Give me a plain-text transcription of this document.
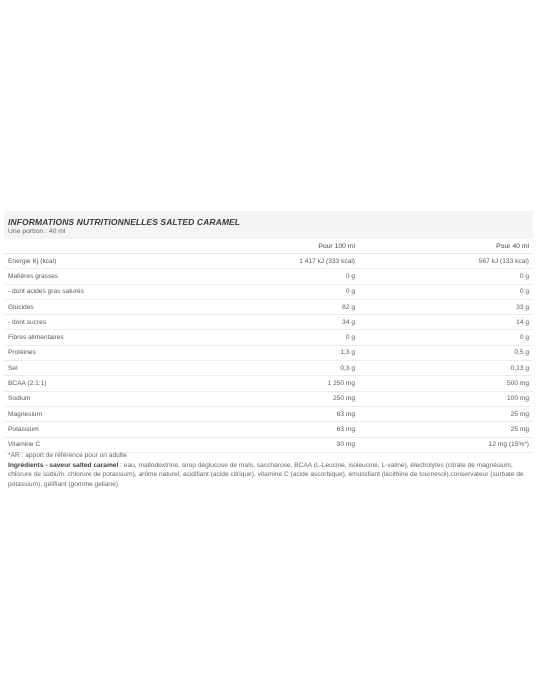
INFORMATIONS NUTRITIONNELLES SALTED CARAMEL
Une portion : 40 ml
	Pour 100 ml	Pour 40 ml
Energie Kj (kcal)	1 417 kJ (333 kcal)	567 kJ (133 kcal)
Matières grasses	0 g	0 g
- dont acides gras saturés	0 g	0 g
Glucides	82 g	33 g
- dont sucres	34 g	14 g
Fibres alimentaires	0 g	0 g
Protéines	1,3 g	0,5 g
Sel	0,3 g	0,13 g
BCAA (2:1:1)	1 250 mg	500 mg
Sodium	250 mg	100 mg
Magnesium	63 mg	25 mg
Potassium	63 mg	25 mg
Vitamine C	30 mg	12 mg (15%*)
*AR : apport de référence pour un adulte
Ingrédients - saveur salted caramel : eau, maltodextrine, sirop déglucose de maïs, saccharose, BCAA (L-Leucine, isoleucine, L-valine), électrolytes (citrate de magnésium, chlorure de sodium, chlorure de potassium), arôme naturel, acidifiant (acide citrique), vitamine C (acide ascorbique), émulsifiant (lécithine de tournesol),conservateur (sorbate de potassium), gélifiant (gomme gellane)
